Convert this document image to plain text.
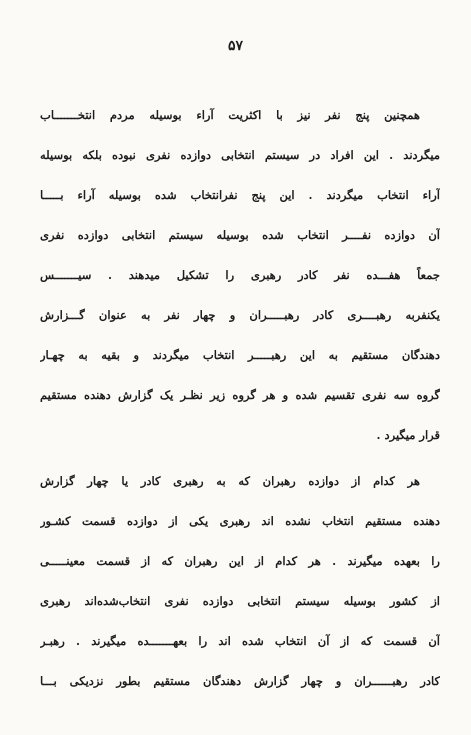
۵۷
همچنین پنج نفر نیز با اکثریت آراء بوسیله مردم انتخـــــــاب
میگردند . این افراد در سیستم انتخابی دوازده نفری نبوده بلکه بوسیله
آراء انتخاب میگردند . این پنج نفرانتخاب شده بوسیله آراء بـــــا
آن دوازده نفــــر انتخاب شده بوسیله سیستم انتخابی دوازده نفری
جمعاً هفـــده نفر کادر رهبری را تشکیل میدهند . سیـــــــس
یکنفربه رهبــــری کادر رهبـــــران و چهار نفر به عنوان گـــزارش
دهندگان مستقیم به این رهبـــــر انتخاب میگردند و بقیه به چهـار
گروه سه نفری تقسیم شده و هر گروه زیر نظـر یک گزارش دهنده مستقیم
قرار میگیرد .
هر کدام از دوازده رهبران که به رهبری کادر یا چهار گزارش
دهنده مستقیم انتخاب نشده اند رهبری یکی از دوازده قسمت کشـور
را بعهده میگیرند . هر کدام از این رهبران که از قسمت معینـــــی
از کشور بوسیله سیستم انتخابی دوازده نفری انتخاب‌شده‌اند رهبری
آن قسمت که از آن انتخاب شده اند را بعهـــــــده میگیرند . رهبـر
کادر رهبــــــران و چهار گزارش دهندگان مستقیم بطور نزدیکی بـــا
